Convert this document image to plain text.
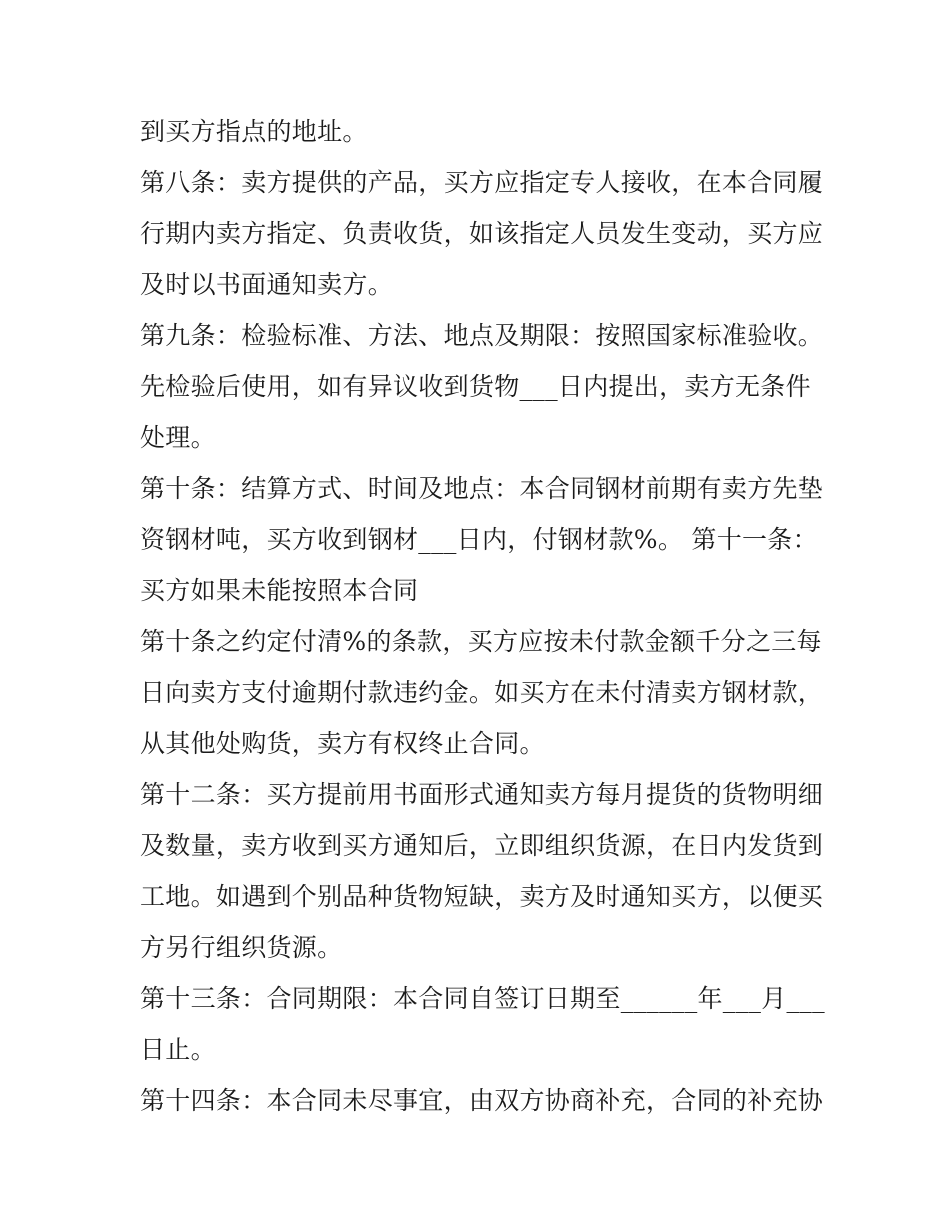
到买方指点的地址。
第八条：卖方提供的产品，买方应指定专人接收，在本合同履
行期内卖方指定、负责收货，如该指定人员发生变动，买方应
及时以书面通知卖方。
第九条：检验标准、方法、地点及期限：按照国家标准验收。
先检验后使用，如有异议收到货物___日内提出，卖方无条件
处理。
第十条：结算方式、时间及地点：本合同钢材前期有卖方先垫
资钢材吨，买方收到钢材___日内，付钢材款%。 第十一条：
买方如果未能按照本合同
第十条之约定付清%的条款，买方应按未付款金额千分之三每
日向卖方支付逾期付款违约金。如买方在未付清卖方钢材款，
从其他处购货，卖方有权终止合同。
第十二条：买方提前用书面形式通知卖方每月提货的货物明细
及数量，卖方收到买方通知后，立即组织货源，在日内发货到
工地。如遇到个别品种货物短缺，卖方及时通知买方，以便买
方另行组织货源。
第十三条：合同期限：本合同自签订日期至______年___月___
日止。
第十四条：本合同未尽事宜，由双方协商补充，合同的补充协
